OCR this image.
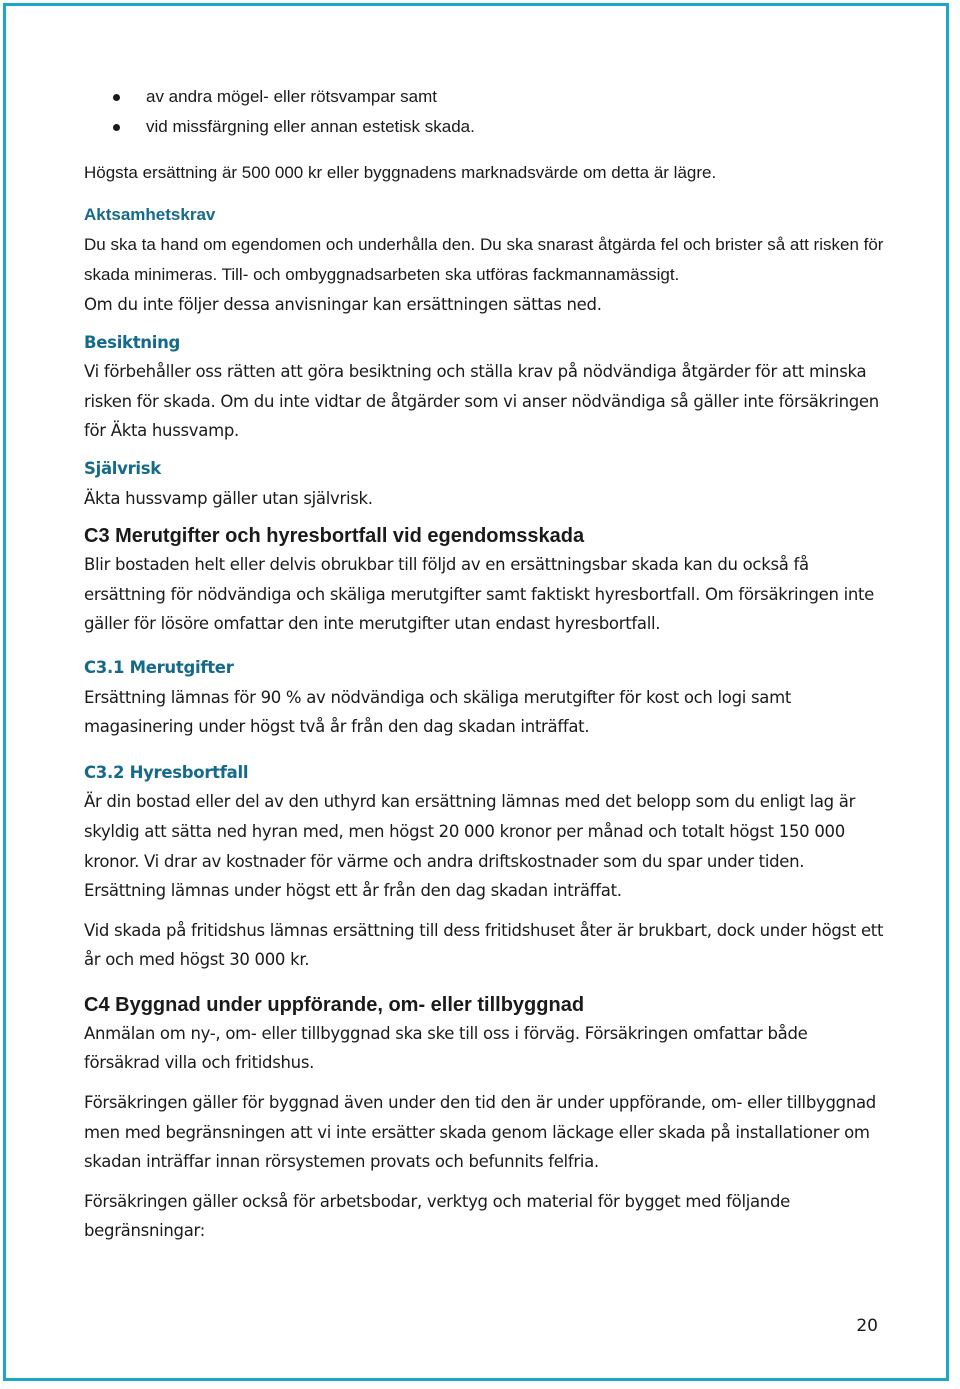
av andra mögel- eller rötsvampar samt
vid missfärgning eller annan estetisk skada.

Högsta ersättning är 500 000 kr eller byggnadens marknadsvärde om detta är lägre.

Aktsamhetskrav

Du ska ta hand om egendomen och underhålla den. Du ska snarast åtgärda fel och brister så att risken för skada minimeras. Till- och ombyggnadsarbeten ska utföras fackmannamässigt.

Om du inte följer dessa anvisningar kan ersättningen sättas ned.

Besiktning

Vi förbehåller oss rätten att göra besiktning och ställa krav på nödvändiga åtgärder för att minska risken för skada. Om du inte vidtar de åtgärder som vi anser nödvändiga så gäller inte försäkringen för Äkta hussvamp.

Självrisk

Äkta hussvamp gäller utan självrisk.

C3 Merutgifter och hyresbortfall vid egendomsskada

Blir bostaden helt eller delvis obrukbar till följd av en ersättningsbar skada kan du också få ersättning för nödvändiga och skäliga merutgifter samt faktiskt hyresbortfall. Om försäkringen inte gäller för lösöre omfattar den inte merutgifter utan endast hyresbortfall.

C3.1 Merutgifter

Ersättning lämnas för 90 % av nödvändiga och skäliga merutgifter för kost och logi samt magasinering under högst två år från den dag skadan inträffat.

C3.2 Hyresbortfall

Är din bostad eller del av den uthyrd kan ersättning lämnas med det belopp som du enligt lag är skyldig att sätta ned hyran med, men högst 20 000 kronor per månad och totalt högst 150 000 kronor. Vi drar av kostnader för värme och andra driftskostnader som du spar under tiden. Ersättning lämnas under högst ett år från den dag skadan inträffat.

Vid skada på fritidshus lämnas ersättning till dess fritidshuset åter är brukbart, dock under högst ett år och med högst 30 000 kr.

C4 Byggnad under uppförande, om- eller tillbyggnad

Anmälan om ny-, om- eller tillbyggnad ska ske till oss i förväg. Försäkringen omfattar både försäkrad villa och fritidshus.

Försäkringen gäller för byggnad även under den tid den är under uppförande, om- eller tillbyggnad men med begränsningen att vi inte ersätter skada genom läckage eller skada på installationer om skadan inträffar innan rörsystemen provats och befunnits felfria.

Försäkringen gäller också för arbetsbodar, verktyg och material för bygget med följande begränsningar:

20
